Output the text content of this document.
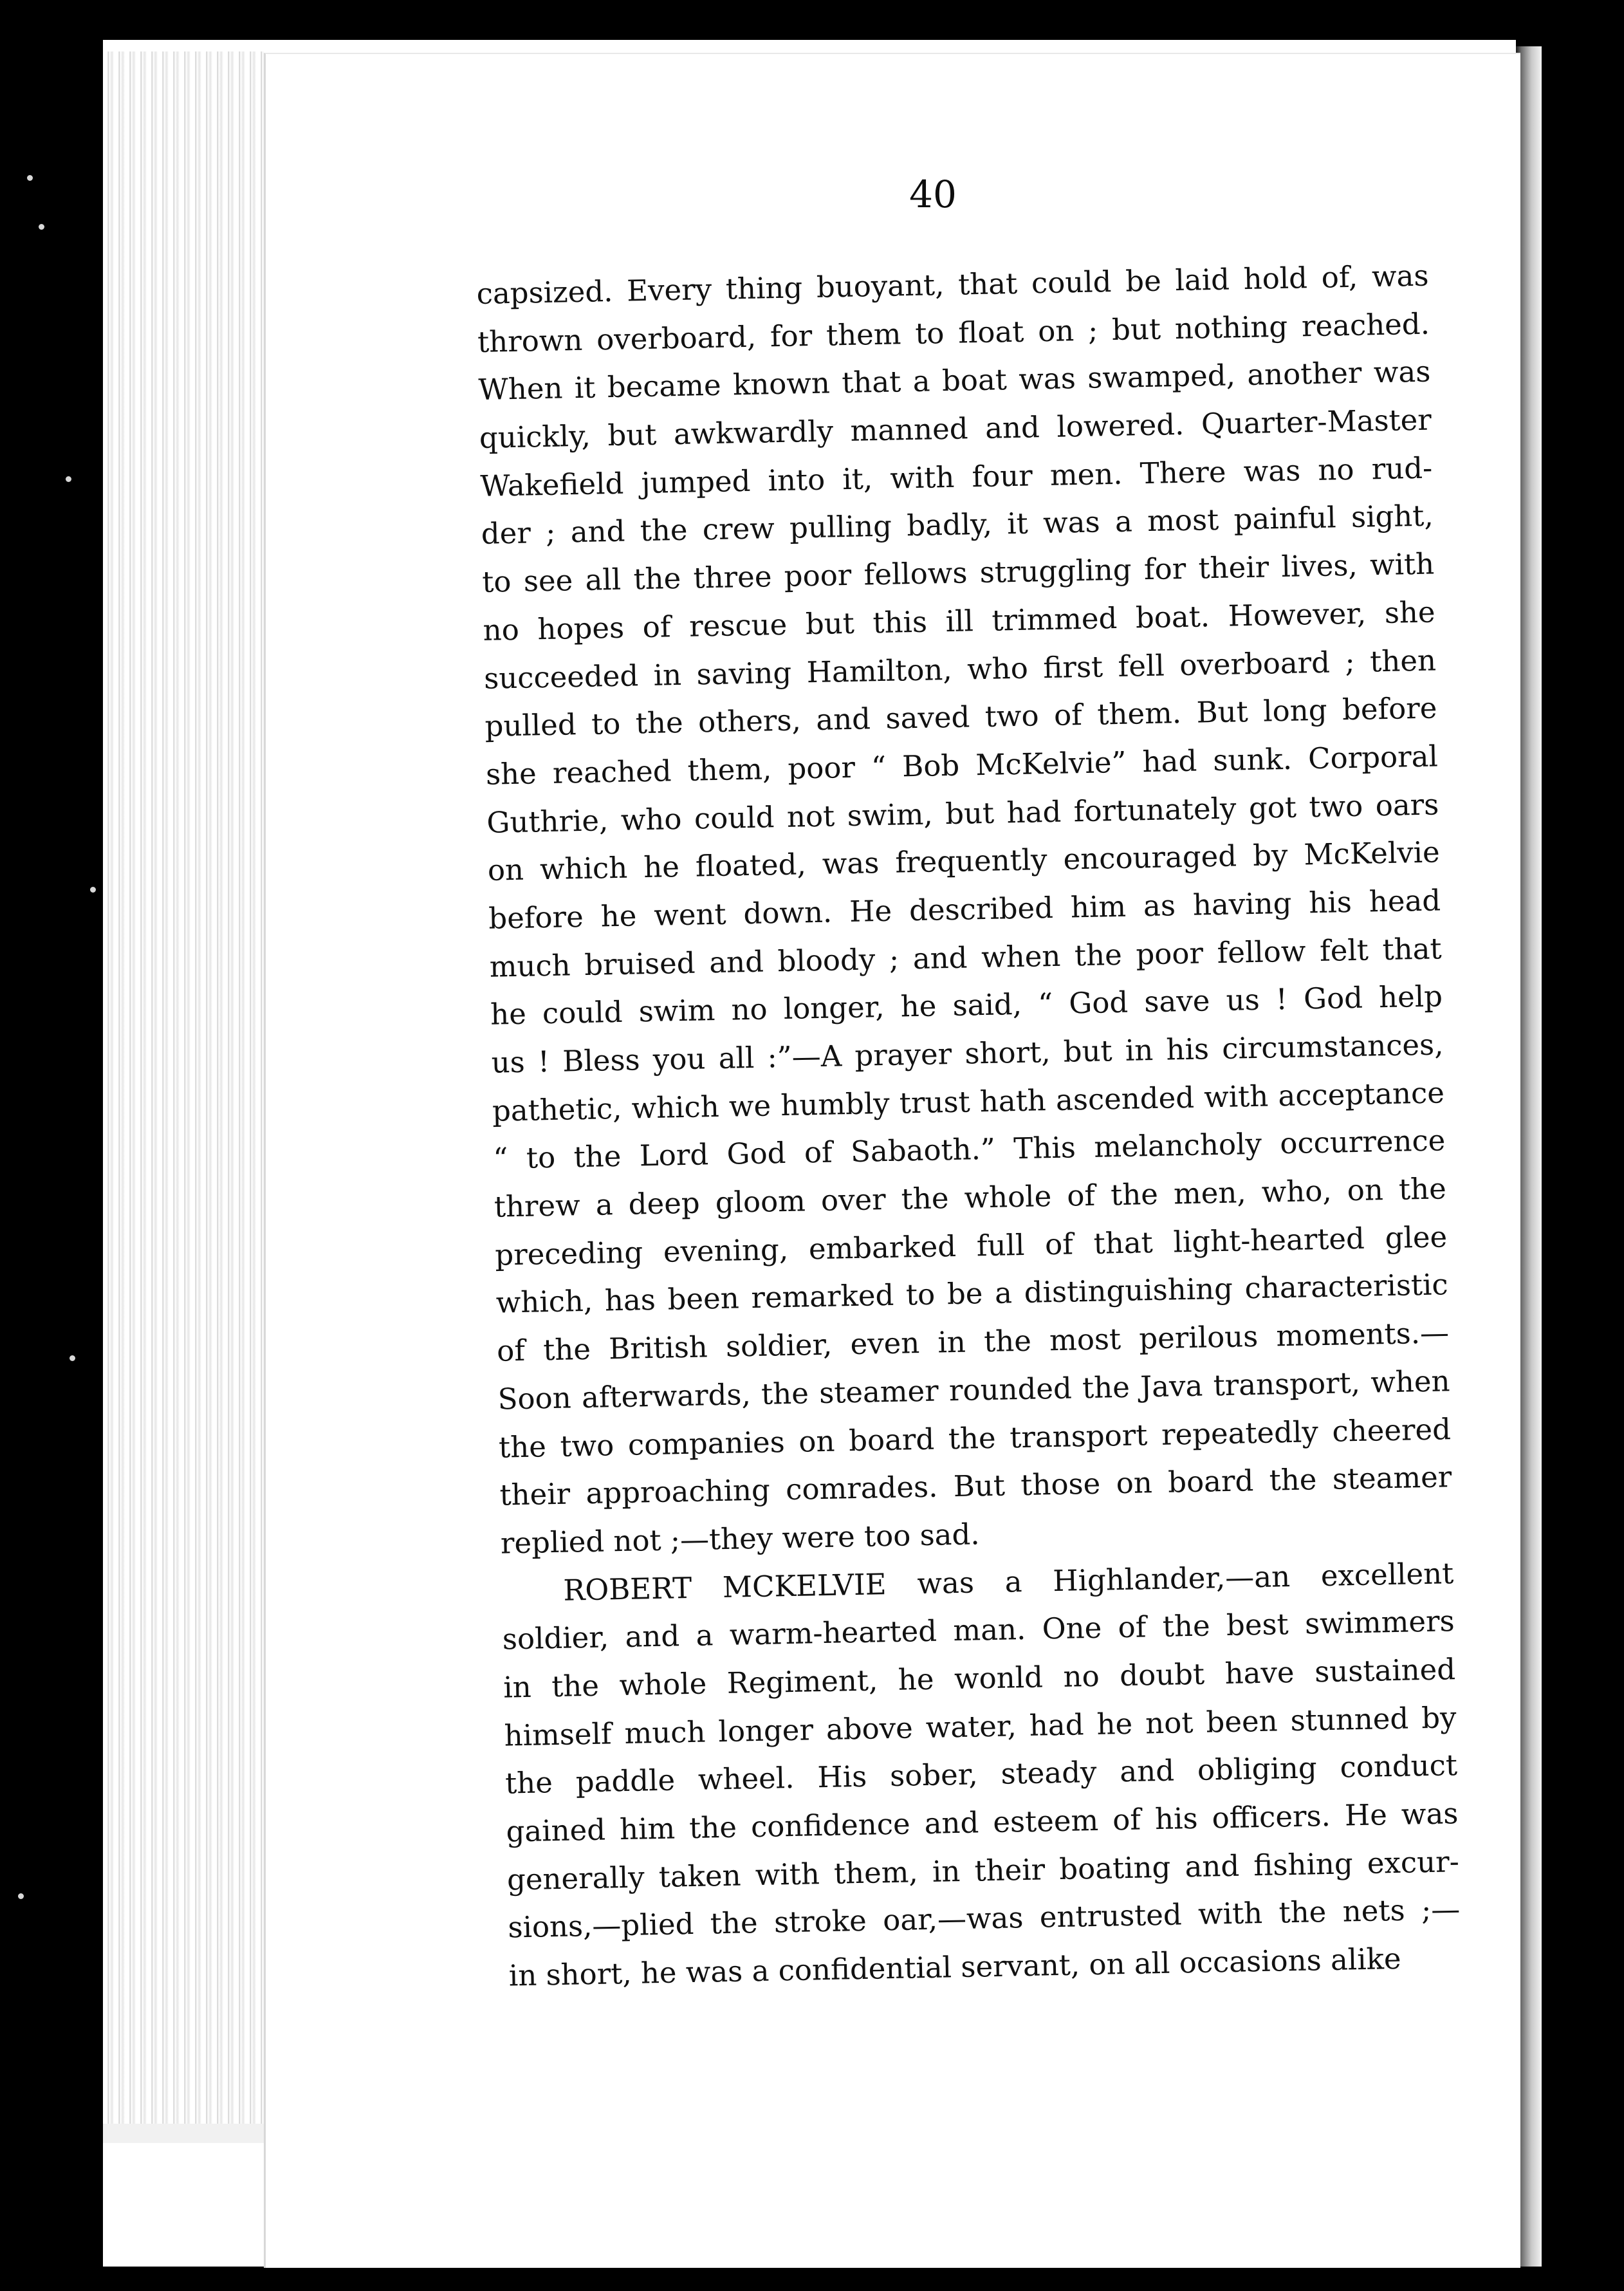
40
capsized. Every thing buoyant, that could be laid hold of, was
thrown overboard, for them to float on ; but nothing reached.
When it became known that a boat was swamped, another was
quickly, but awkwardly manned and lowered. Quarter-Master
Wakefield jumped into it, with four men. There was no rud-
der ; and the crew pulling badly, it was a most painful sight,
to see all the three poor fellows struggling for their lives, with
no hopes of rescue but this ill trimmed boat. However, she
succeeded in saving Hamilton, who first fell overboard ; then
pulled to the others, and saved two of them. But long before
she reached them, poor “ Bob McKelvie” had sunk. Corporal
Guthrie, who could not swim, but had fortunately got two oars
on which he floated, was frequently encouraged by McKelvie
before he went down. He described him as having his head
much bruised and bloody ; and when the poor fellow felt that
he could swim no longer, he said, “ God save us ! God help
us ! Bless you all :”—A prayer short, but in his circumstances,
pathetic, which we humbly trust hath ascended with acceptance
“ to the Lord God of Sabaoth.” This melancholy occurrence
threw a deep gloom over the whole of the men, who, on the
preceding evening, embarked full of that light-hearted glee
which, has been remarked to be a distinguishing characteristic
of the British soldier, even in the most perilous moments.—
Soon afterwards, the steamer rounded the Java transport, when
the two companies on board the transport repeatedly cheered
their approaching comrades. But those on board the steamer
replied not ;—they were too sad.
ROBERT MCKELVIE was a Highlander,—an excellent
soldier, and a warm-hearted man. One of the best swimmers
in the whole Regiment, he wonld no doubt have sustained
himself much longer above water, had he not been stunned by
the paddle wheel. His sober, steady and obliging conduct
gained him the confidence and esteem of his officers. He was
generally taken with them, in their boating and fishing excur-
sions,—plied the stroke oar,—was entrusted with the nets ;—
in short, he was a confidential servant, on all occasions alike
